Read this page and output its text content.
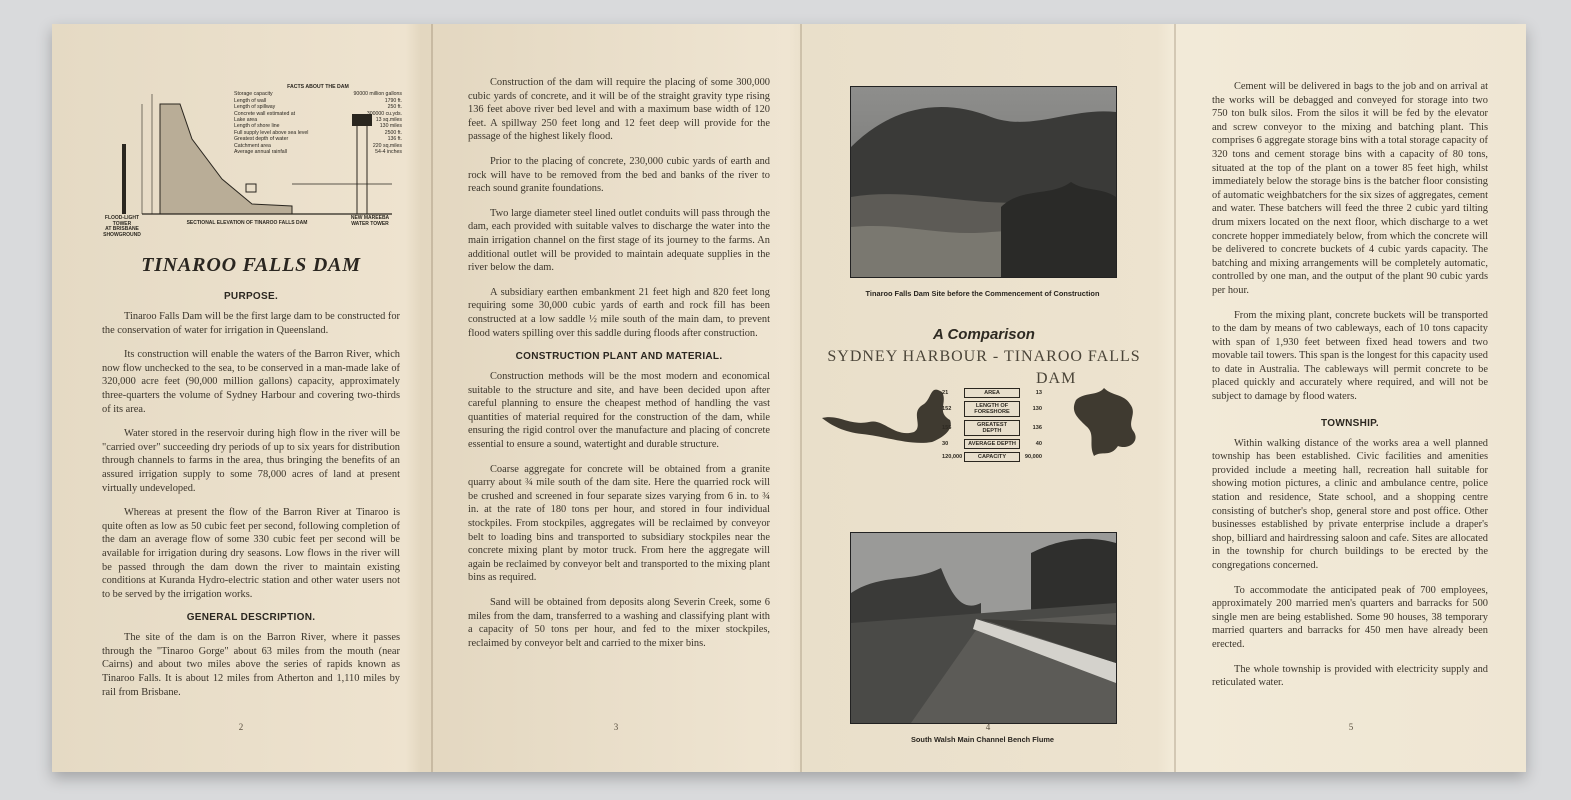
FACTS ABOUT THE DAM
Storage capacity	90000 million gallons
Length of wall	1790 ft.
Length of spillway	250 ft.
Concrete wall estimated at	300000 cu.yds.
Lake area	13 sq.miles
Length of shore line	130 miles
Full supply level above sea level	2500 ft.
Greatest depth of water	136 ft.
Catchment area	220 sq.miles
Average annual rainfall	54-4 inches
FLOOD-LIGHT
TOWER
AT BRISBANE
SHOWGROUND
SECTIONAL ELEVATION OF TINAROO FALLS DAM
NEW MAREEBA
WATER TOWER
TINAROO FALLS DAM
PURPOSE.

Tinaroo Falls Dam will be the first large dam to be constructed for the conservation of water for irrigation in Queensland.

Its construction will enable the waters of the Barron River, which now flow unchecked to the sea, to be conserved in a man-made lake of 320,000 acre feet (90,000 million gallons) capacity, approximately three-quarters the volume of Sydney Harbour and covering two-thirds of its area.

Water stored in the reservoir during high flow in the river will be "carried over" succeeding dry periods of up to six years for distribution through channels to farms in the area, thus bringing the benefits of an assured irrigation supply to some 78,000 acres of land at present virtually undeveloped.

Whereas at present the flow of the Barron River at Tinaroo is quite often as low as 50 cubic feet per second, following completion of the dam an average flow of some 330 cubic feet per second will be available for irrigation during dry seasons. Low flows in the river will be passed through the dam down the river to maintain existing conditions at Kuranda Hydro-electric station and other water users not to be served by the irrigation works.

GENERAL DESCRIPTION.

The site of the dam is on the Barron River, where it passes through the "Tinaroo Gorge" about 63 miles from the mouth (near Cairns) and about two miles above the series of rapids known as Tinaroo Falls. It is about 12 miles from Atherton and 1,110 miles by rail from Brisbane.

2

Construction of the dam will require the placing of some 300,000 cubic yards of concrete, and it will be of the straight gravity type rising 136 feet above river bed level and with a maximum base width of 120 feet. A spillway 250 feet long and 12 feet deep will provide for the passage of the highest likely flood.

Prior to the placing of concrete, 230,000 cubic yards of earth and rock will have to be removed from the bed and banks of the river to reach sound granite foundations.

Two large diameter steel lined outlet conduits will pass through the dam, each provided with suitable valves to discharge the water into the main irrigation channel on the first stage of its journey to the farms. An additional outlet will be provided to maintain adequate supplies in the river below the dam.

A subsidiary earthen embankment 21 feet high and 820 feet long requiring some 30,000 cubic yards of earth and rock fill has been constructed at a low saddle ½ mile south of the main dam, to prevent flood waters spilling over this saddle during floods after construction.

CONSTRUCTION PLANT AND MATERIAL.

Construction methods will be the most modern and economical suitable to the structure and site, and have been decided upon after careful planning to ensure the cheapest method of handling the vast quantities of material required for the construction of the dam, while ensuring the rigid control over the manufacture and placing of concrete essential to ensure a sound, watertight and durable structure.

Coarse aggregate for concrete will be obtained from a granite quarry about ¾ mile south of the dam site. Here the quarried rock will be crushed and screened in four separate sizes varying from 6 in. to ¾ in. at the rate of 180 tons per hour, and stored in four individual stockpiles. From stockpiles, aggregates will be reclaimed by conveyor belt to loading bins and transported to subsidiary stockpiles near the concrete mixing plant by motor truck. From here the aggregate will again be reclaimed by conveyor belt and transported to the mixing plant bins as required.

Sand will be obtained from deposits along Severin Creek, some 6 miles from the dam, transferred to a washing and classifying plant with a capacity of 50 tons per hour, and fed to the mixer stockpiles, reclaimed by conveyor belt and carried to the mixer bins.

3
Tinaroo Falls Dam Site before the Commencement of Construction
A Comparison
SYDNEY HARBOUR - TINAROO FALLS
DAM
21	AREA	13
152	LENGTH OF FORESHORE	130
155	GREATEST DEPTH	136
30	AVERAGE DEPTH	40
120,000	CAPACITY	90,000
South Walsh Main Channel Bench Flume
4

Cement will be delivered in bags to the job and on arrival at the works will be debagged and conveyed for storage into two 750 ton bulk silos. From the silos it will be fed by the elevator and screw conveyor to the mixing and batching plant. This comprises 6 aggregate storage bins with a total storage capacity of 320 tons and cement storage bins with a capacity of 80 tons, situated at the top of the plant on a tower 85 feet high, whilst immediately below the storage bins is the batcher floor consisting of automatic weighbatchers for the six sizes of aggregates, cement and water. These batchers will feed the three 2 cubic yard tilting drum mixers located on the next floor, which discharge to a wet concrete hopper immediately below, from which the concrete will be delivered to concrete buckets of 4 cubic yards capacity. The batching and mixing arrangements will be completely automatic, controlled by one man, and the output of the plant 90 cubic yards per hour.

From the mixing plant, concrete buckets will be transported to the dam by means of two cableways, each of 10 tons capacity with span of 1,930 feet between fixed head towers and two movable tail towers. This span is the longest for this capacity used to date in Australia. The cableways will permit concrete to be placed quickly and accurately where required, and will not be subject to damage by flood waters.

TOWNSHIP.

Within walking distance of the works area a well planned township has been established. Civic facilities and amenities provided include a meeting hall, recreation hall suitable for showing motion pictures, a clinic and ambulance centre, police station and residence, State school, and a shopping centre consisting of butcher's shop, general store and post office. Other businesses established by private enterprise include a draper's shop, billiard and hairdressing saloon and cafe. Sites are allocated in the township for church buildings to be erected by the congregations concerned.

To accommodate the anticipated peak of 700 employees, approximately 200 married men's quarters and barracks for 500 single men are being established. Some 90 houses, 38 temporary married quarters and barracks for 450 men have already been erected.

The whole township is provided with electricity supply and reticulated water.

5
